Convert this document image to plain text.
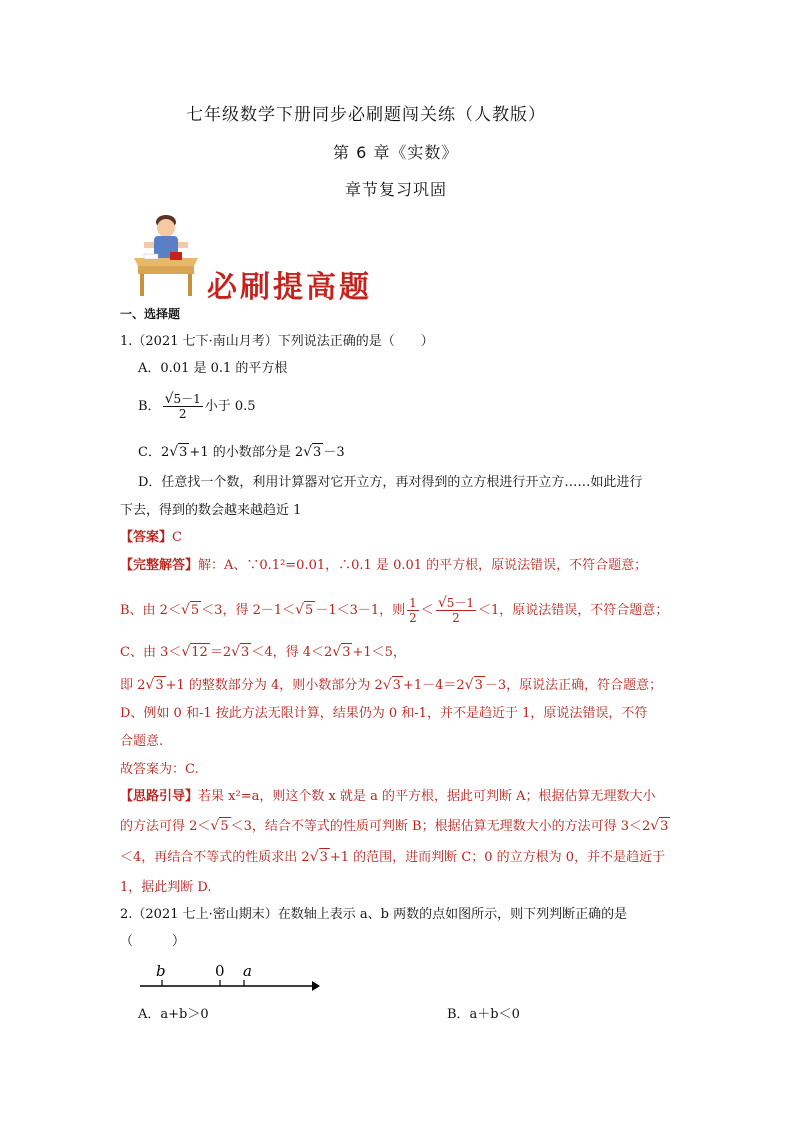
七年级数学下册同步必刷题闯关练（人教版）
第 6 章《实数》
章节复习巩固
必刷提高题
一、选择题
1.（2021 七下·南山月考）下列说法正确的是（　　）
A．0.01 是 0.1 的平方根
B． $\frac{√5-1}{2}$ 小于 0.5
C．2√3 +1 的小数部分是 2√3 －3
D．任意找一个数，利用计算器对它开立方，再对得到的立方根进行开立方……如此进行
下去，得到的数会越来越趋近 1
【答案】C
【完整解答】解：A、∵0.1²=0.01，∴0.1 是 0.01 的平方根，原说法错误，不符合题意；
B、由 2＜√5 ＜3，得 2－1＜√5 －1＜3－1，则 $\frac{1}{2} < \frac{√5-1}{2} <1$，原说法错误，不符合题意；
C、由 3＜√12 ＝2√3 ＜4，得 4＜2√3 +1＜5，
即 2√3 +1 的整数部分为 4，则小数部分为 2√3 +1－4＝2√3 －3，原说法正确，符合题意；
D、例如 0 和-1 按此方法无限计算，结果仍为 0 和-1，并不是趋近于 1，原说法错误，不符
合题意.
故答案为：C.
【思路引导】若果 x²=a，则这个数 x 就是 a 的平方根，据此可判断 A；根据估算无理数大小
的方法可得 2＜√5 ＜3，结合不等式的性质可判断 B；根据估算无理数大小的方法可得 3＜2√3
＜4，再结合不等式的性质求出 2√3 +1 的范围，进而判断 C；0 的立方根为 0，并不是趋近于
1，据此判断 D.
2.（2021 七上·密山期末）在数轴上表示 a、b 两数的点如图所示，则下列判断正确的是
（　　　）
b	0 a
A．a+b＞0	B．a＋b＜0
